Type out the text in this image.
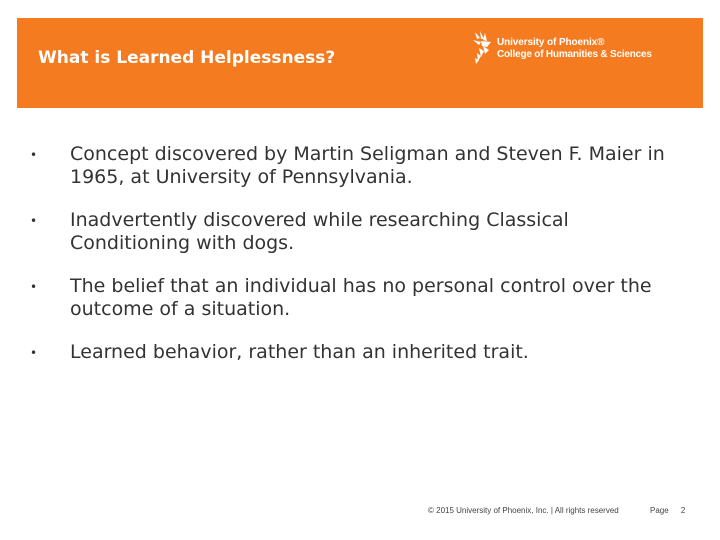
What is Learned Helplessness?
University of Phoenix®
College of Humanities & Sciences
• Concept discovered by Martin Seligman and Steven F. Maier in 1965, at University of Pennsylvania.
• Inadvertently discovered while researching Classical Conditioning with dogs.
• The belief that an individual has no personal control over the outcome of a situation.
• Learned behavior, rather than an inherited trait.
© 2015 University of Phoenix, Inc. | All rights reserved	Page 2
